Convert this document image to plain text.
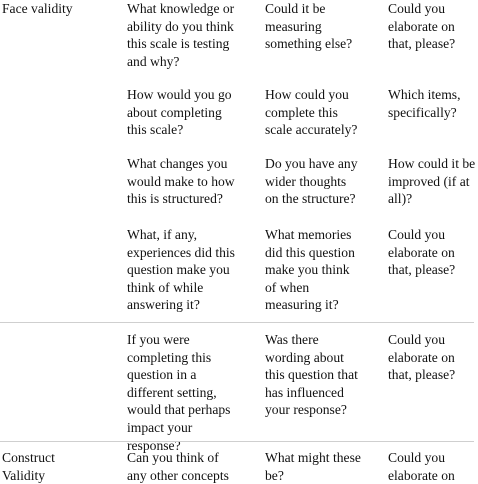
Face validity	What knowledge or
ability do you think
this scale is testing
and why?
Could it be
measuring
something else?
Could you
elaborate on
that, please?
How would you go
about completing
this scale?
How could you
complete this
scale accurately?
Which items,
specifically?
What changes you
would make to how
this is structured?
Do you have any
wider thoughts
on the structure?
How could it be
improved (if at
all)?
What, if any,
experiences did this
question make you
think of while
answering it?
What memories
did this question
make you think
of when
measuring it?
Could you
elaborate on
that, please?
If you were
completing this
question in a
different setting,
would that perhaps
impact your
response?
Was there
wording about
this question that
has influenced
your response?
Could you
elaborate on
that, please?
Construct
Validity
Can you think of
any other concepts
What might these
be?
Could you
elaborate on
